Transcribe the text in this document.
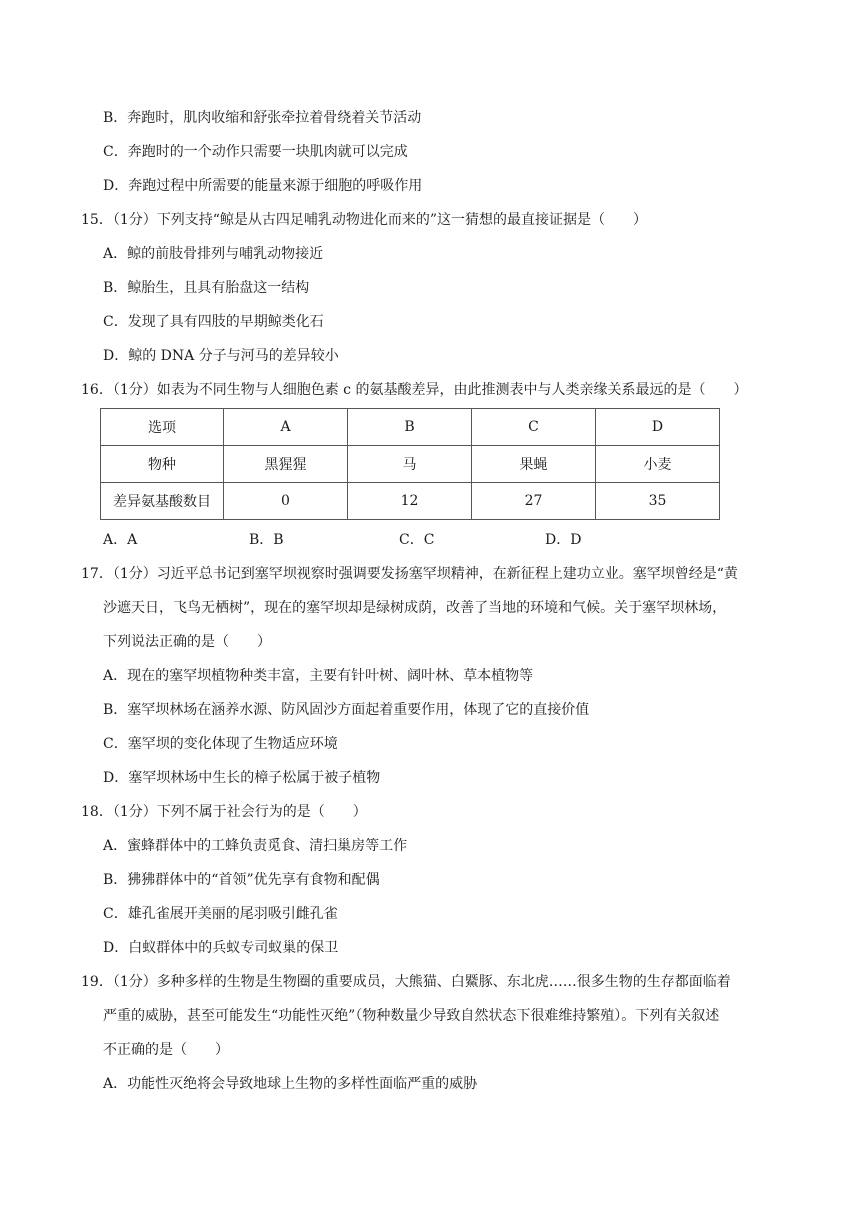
B．奔跑时，肌肉收缩和舒张牵拉着骨绕着关节活动
C．奔跑时的一个动作只需要一块肌肉就可以完成
D．奔跑过程中所需要的能量来源于细胞的呼吸作用
15．（1分）下列支持“鲸是从古四足哺乳动物进化而来的”这一猜想的最直接证据是（　　）
A．鲸的前肢骨排列与哺乳动物接近
B．鲸胎生，且具有胎盘这一结构
C．发现了具有四肢的早期鲸类化石
D．鲸的 DNA 分子与河马的差异较小
16．（1分）如表为不同生物与人细胞色素 c 的氨基酸差异，由此推测表中与人类亲缘关系最远的是（　　）
选项	A	B	C	D
物种	黑猩猩	马	果蝇	小麦
差异氨基酸数目	0	12	27	35
A．A	B．B	C．C	D．D
17．（1分）习近平总书记到塞罕坝视察时强调要发扬塞罕坝精神，在新征程上建功立业。塞罕坝曾经是“黄
沙遮天日，飞鸟无栖树”，现在的塞罕坝却是绿树成荫，改善了当地的环境和气候。关于塞罕坝林场，
下列说法正确的是（　　）
A．现在的塞罕坝植物种类丰富，主要有针叶树、阔叶林、草本植物等
B．塞罕坝林场在涵养水源、防风固沙方面起着重要作用，体现了它的直接价值
C．塞罕坝的变化体现了生物适应环境
D．塞罕坝林场中生长的樟子松属于被子植物
18．（1分）下列不属于社会行为的是（　　）
A．蜜蜂群体中的工蜂负责觅食、清扫巢房等工作
B．狒狒群体中的“首领”优先享有食物和配偶
C．雄孔雀展开美丽的尾羽吸引雌孔雀
D．白蚁群体中的兵蚁专司蚁巢的保卫
19．（1分）多种多样的生物是生物圈的重要成员，大熊猫、白鱀豚、东北虎……很多生物的生存都面临着
严重的威胁，甚至可能发生“功能性灭绝”（物种数量少导致自然状态下很难维持繁殖）。下列有关叙述
不正确的是（　　）
A．功能性灭绝将会导致地球上生物的多样性面临严重的威胁
